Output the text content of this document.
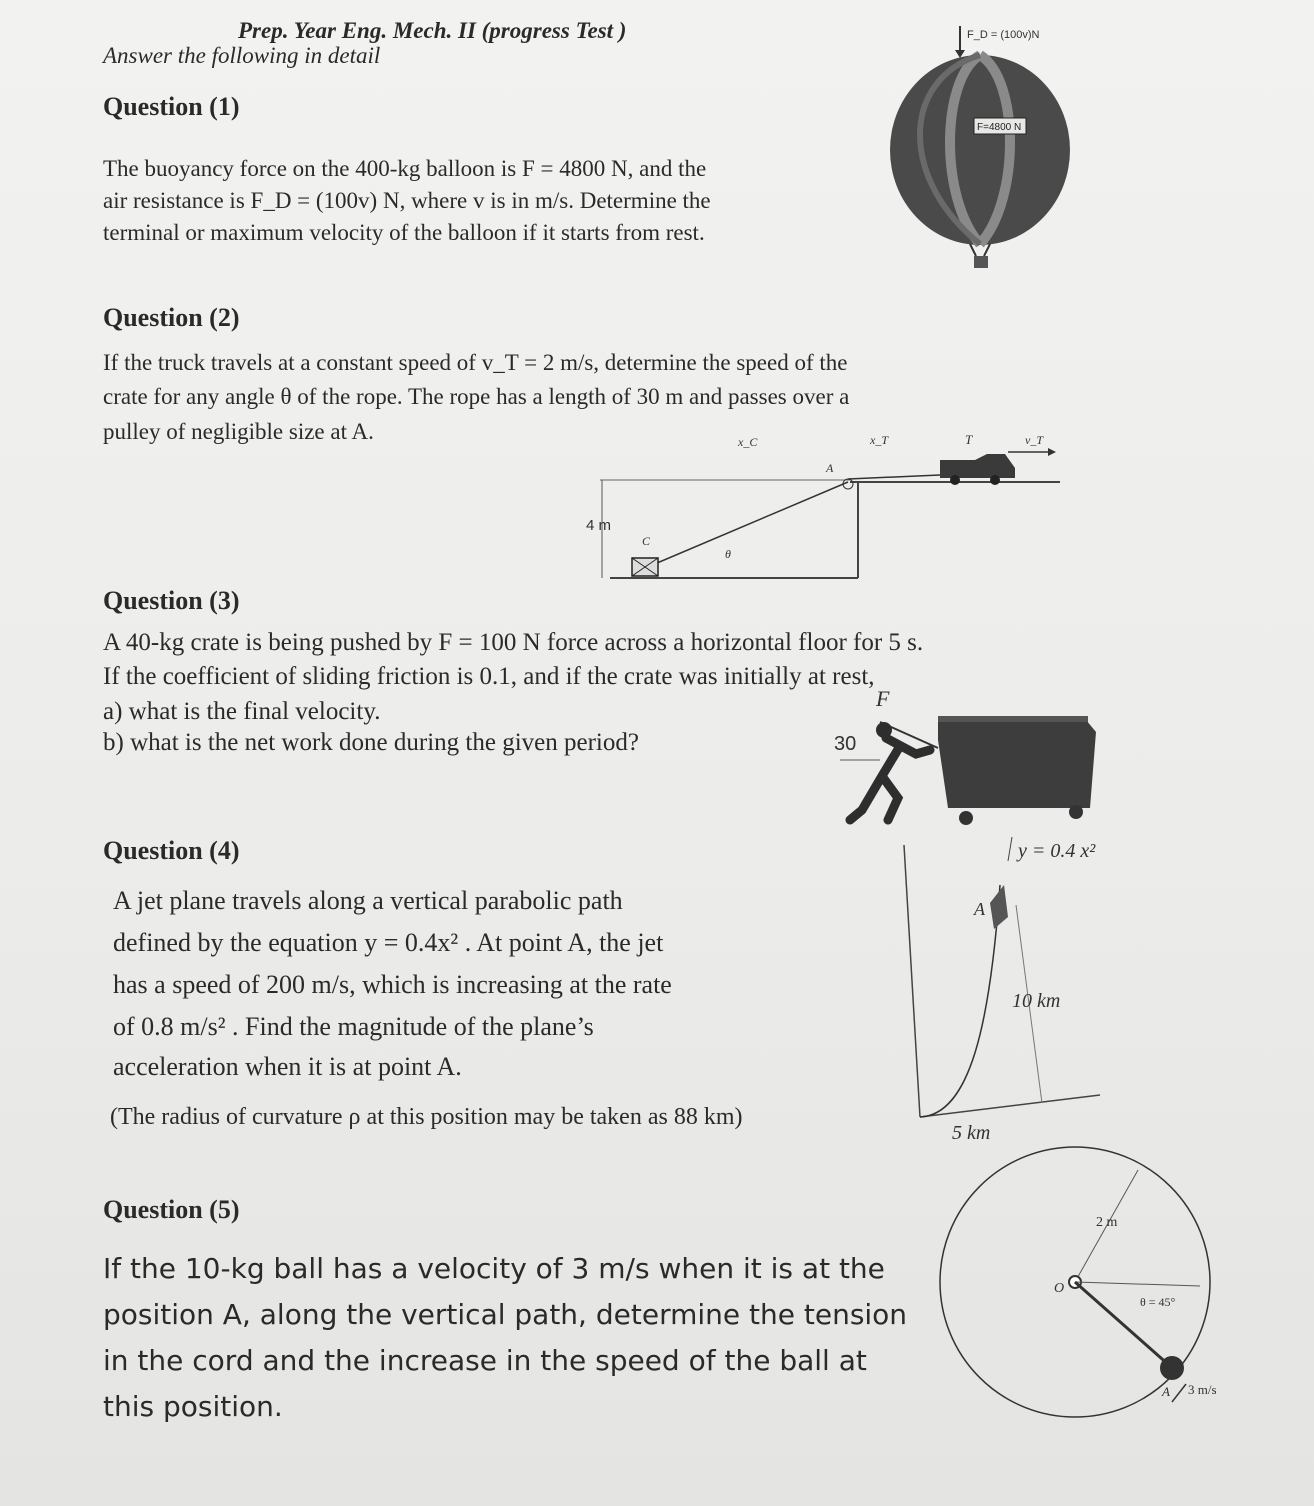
Prep. Year Eng. Mech. II (progress Test )
Answer the following in detail
Question (1)
The buoyancy force on the 400-kg balloon is F = 4800 N, and the
air resistance is F_D = (100v) N, where v is in m/s. Determine the
terminal or maximum velocity of the balloon if it starts from rest.
F_D = (100v)N
F=4800 N
Question (2)
If the truck travels at a constant speed of v_T = 2 m/s, determine the speed of the
crate for any angle θ of the rope. The rope has a length of 30 m and passes over a
pulley of negligible size at A.	x_C	x_T	T	v_T
A
4 m
C
θ
Question (3)
A 40-kg crate is being pushed by F = 100 N force across a horizontal floor for 5 s.
If the coefficient of sliding friction is 0.1, and if the crate was initially at rest,
a) what is the final velocity.
b) what is the net work done during the given period?
F
30
Question (4)
A jet plane travels along a vertical parabolic path
defined by the equation y = 0.4x² . At point A, the jet
has a speed of 200 m/s, which is increasing at the rate
of 0.8 m/s² . Find the magnitude of the plane’s
acceleration when it is at point A.
(The radius of curvature ρ at this position may be taken as 88 km)
y = 0.4 x²
A
10 km
5 km
Question (5)
If the 10-kg ball has a velocity of 3 m/s when it is at the
position A, along the vertical path, determine the tension
in the cord and the increase in the speed of the ball at
this position.
2 m
O
θ = 45°
A 3 m/s
